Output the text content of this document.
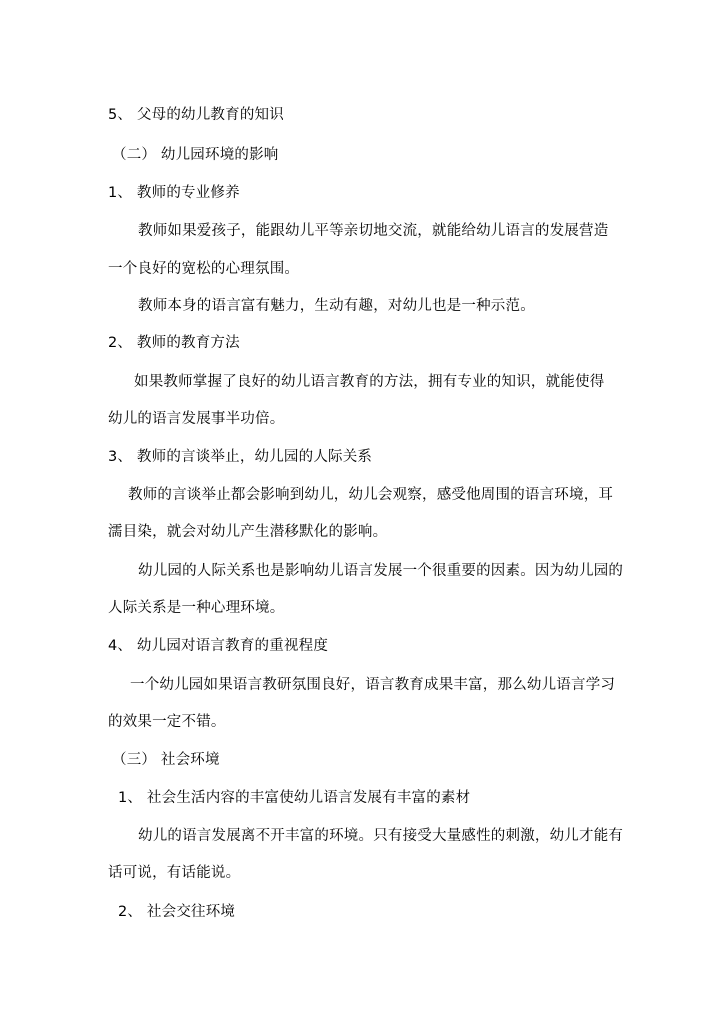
5、 父母的幼儿教育的知识
（二） 幼儿园环境的影响
1、 教师的专业修养
教师如果爱孩子，能跟幼儿平等亲切地交流，就能给幼儿语言的发展营造
一个良好的宽松的心理氛围。
教师本身的语言富有魅力，生动有趣，对幼儿也是一种示范。
2、 教师的教育方法
如果教师掌握了良好的幼儿语言教育的方法，拥有专业的知识，就能使得
幼儿的语言发展事半功倍。
3、 教师的言谈举止，幼儿园的人际关系
教师的言谈举止都会影响到幼儿，幼儿会观察，感受他周围的语言环境，耳
濡目染，就会对幼儿产生潜移默化的影响。
幼儿园的人际关系也是影响幼儿语言发展一个很重要的因素。因为幼儿园的
人际关系是一种心理环境。
4、 幼儿园对语言教育的重视程度
一个幼儿园如果语言教研氛围良好，语言教育成果丰富，那么幼儿语言学习
的效果一定不错。
（三） 社会环境
1、 社会生活内容的丰富使幼儿语言发展有丰富的素材
幼儿的语言发展离不开丰富的环境。只有接受大量感性的刺激，幼儿才能有
话可说，有话能说。
2、 社会交往环境
